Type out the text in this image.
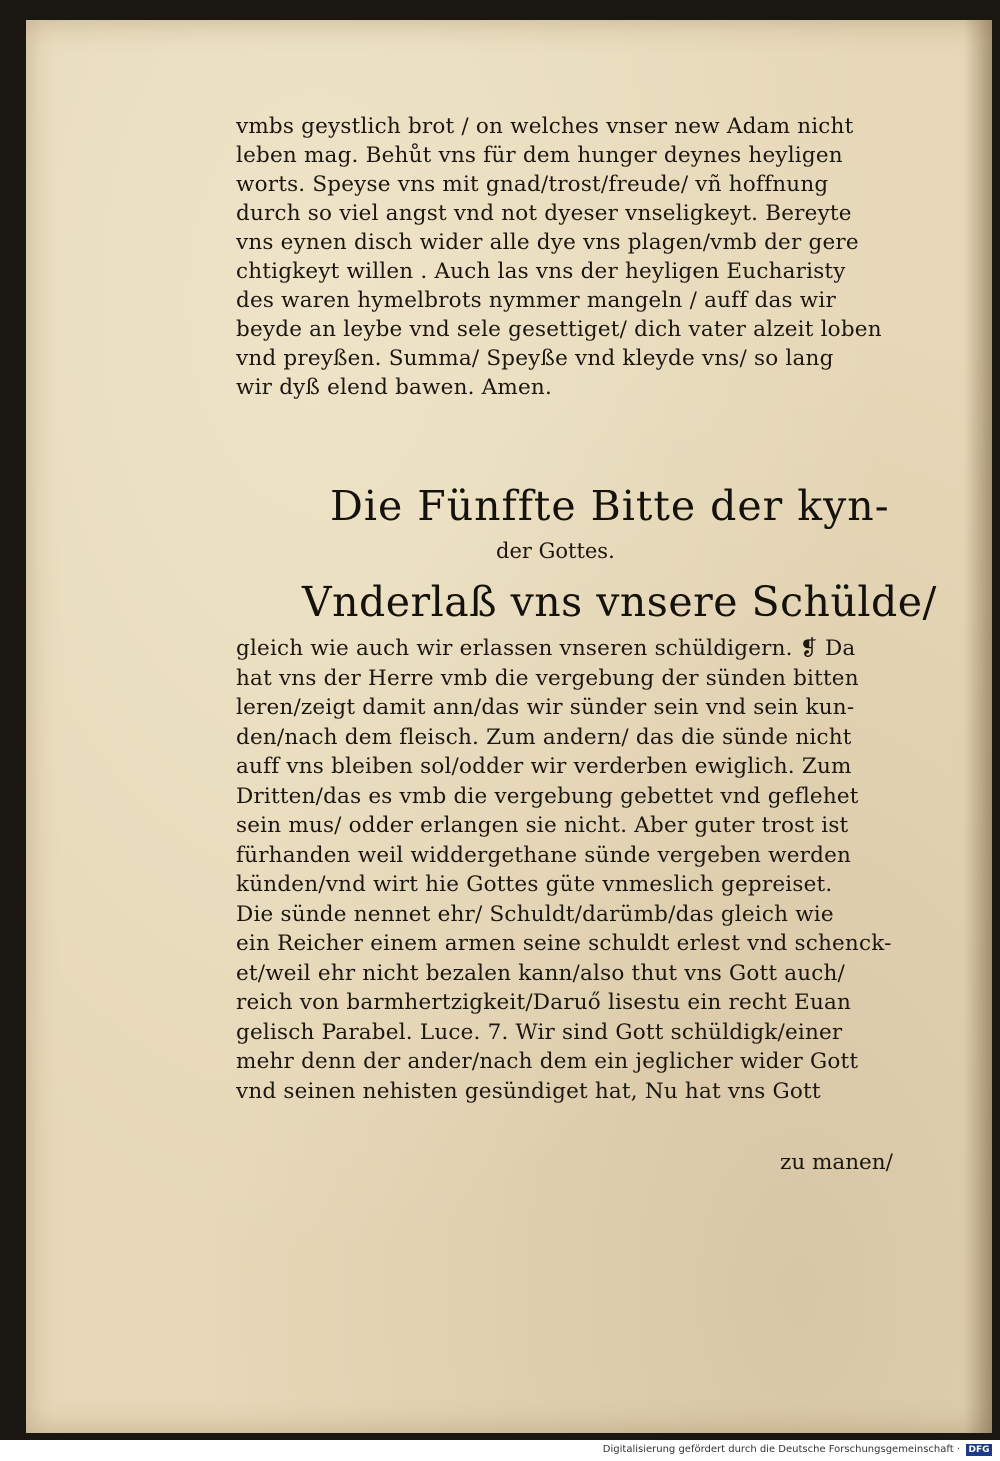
vmbs geystlich brot / on welches vnser new Adam nicht
leben mag. Behůt vns für dem hunger deynes heyligen
worts. Speyse vns mit gnad/trost/freude/ vñ hoffnung
durch so viel angst vnd not dyeser vnseligkeyt. Bereyte
vns eynen disch wider alle dye vns plagen/vmb der gere
chtigkeyt willen . Auch las vns der heyligen Eucharisty
des waren hymelbrots nymmer mangeln / auff das wir
beyde an leybe vnd sele gesettiget/ dich vater alzeit loben
vnd preyßen. Summa/ Speyße vnd kleyde vns/ so lang
wir dyß elend bawen. Amen.
Die Fünffte Bitte der kyn-
der Gottes.
Vnderlaß vns vnsere Schülde/
gleich wie auch wir erlassen vnseren schüldigern. ❡ Da
hat vns der Herre vmb die vergebung der sünden bitten
leren/zeigt damit ann/das wir sünder sein vnd sein kun-
den/nach dem fleisch. Zum andern/ das die sünde nicht
auff vns bleiben sol/odder wir verderben ewiglich. Zum
Dritten/das es vmb die vergebung gebettet vnd geflehet
sein mus/ odder erlangen sie nicht. Aber guter trost ist
fürhanden weil widdergethane sünde vergeben werden
künden/vnd wirt hie Gottes güte vnmeslich gepreiset.
Die sünde nennet ehr/ Schuldt/darümb/das gleich wie
ein Reicher einem armen seine schuldt erlest vnd schenck-
et/weil ehr nicht bezalen kann/also thut vns Gott auch/
reich von barmhertzigkeit/Daruő lisestu ein recht Euan
gelisch Parabel. Luce. 7. Wir sind Gott schüldigk/einer
mehr denn der ander/nach dem ein jeglicher wider Gott
vnd seinen nehisten gesündiget hat, Nu hat vns Gott
zu manen/
Digitalisierung gefördert durch die Deutsche Forschungsgemeinschaft · DFG
